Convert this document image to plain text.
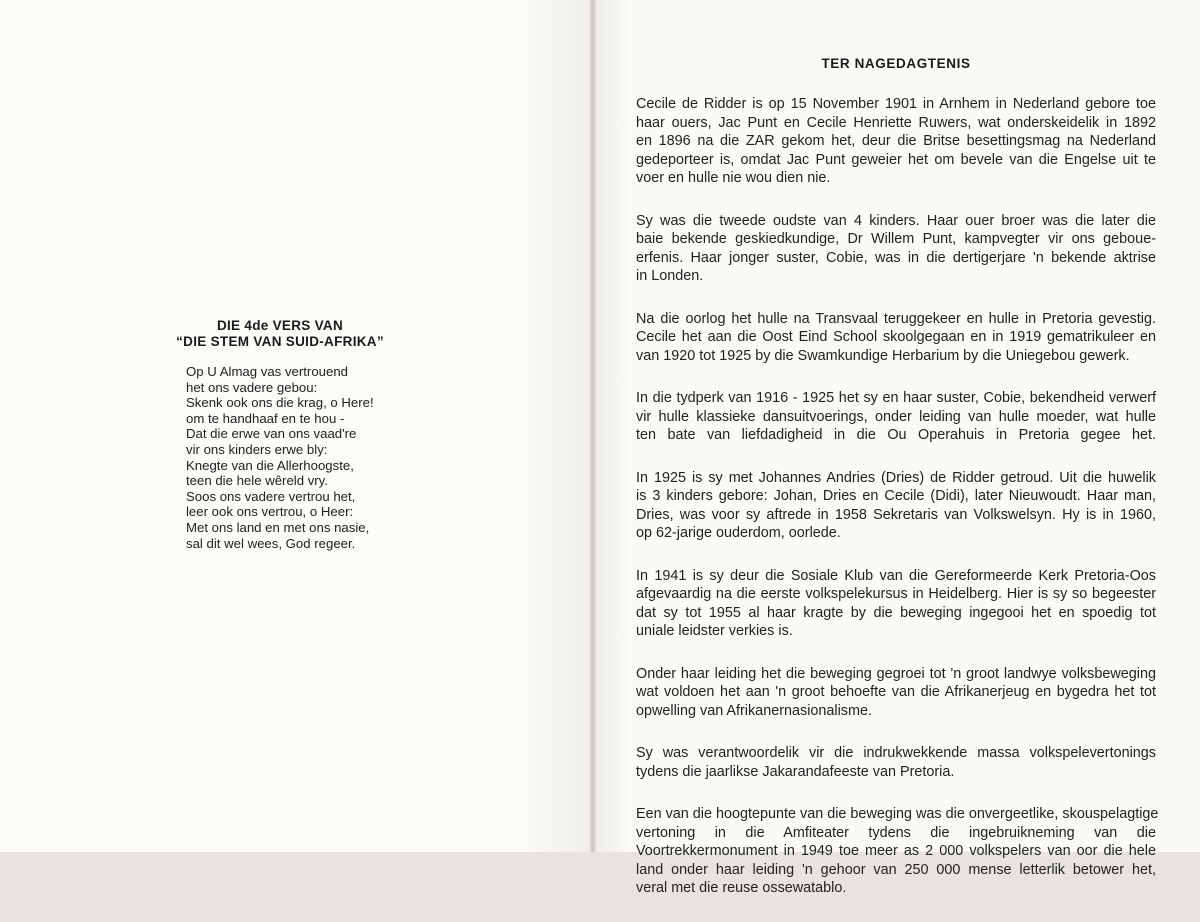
DIE 4de VERS VAN
“DIE STEM VAN SUID-AFRIKA”
Op U Almag vas vertrouend
het ons vadere gebou:
Skenk ook ons die krag, o Here!
om te handhaaf en te hou -
Dat die erwe van ons vaad're
vir ons kinders erwe bly:
Knegte van die Allerhoogste,
teen die hele wêreld vry.
Soos ons vadere vertrou het,
leer ook ons vertrou, o Heer:
Met ons land en met ons nasie,
sal dit wel wees, God regeer.
TER NAGEDAGTENIS
Cecile de Ridder is op 15 November 1901 in Arnhem in Nederland gebore toe
haar ouers, Jac Punt en Cecile Henriette Ruwers, wat onderskeidelik in 1892
en 1896 na die ZAR gekom het, deur die Britse besettingsmag na Nederland
gedeporteer is, omdat Jac Punt geweier het om bevele van die Engelse uit te
voer en hulle nie wou dien nie.
Sy was die tweede oudste van 4 kinders. Haar ouer broer was die later die
baie bekende geskiedkundige, Dr Willem Punt, kampvegter vir ons geboue-
erfenis. Haar jonger suster, Cobie, was in die dertigerjare 'n bekende aktrise
in Londen.
Na die oorlog het hulle na Transvaal teruggekeer en hulle in Pretoria gevestig.
Cecile het aan die Oost Eind School skoolgegaan en in 1919 gematrikuleer en
van 1920 tot 1925 by die Swamkundige Herbarium by die Uniegebou gewerk.
In die tydperk van 1916 - 1925 het sy en haar suster, Cobie, bekendheid verwerf
vir hulle klassieke dansuitvoerings, onder leiding van hulle moeder, wat hulle
ten bate van liefdadigheid in die Ou Operahuis in Pretoria gegee het.
In 1925 is sy met Johannes Andries (Dries) de Ridder getroud. Uit die huwelik
is 3 kinders gebore: Johan, Dries en Cecile (Didi), later Nieuwoudt. Haar man,
Dries, was voor sy aftrede in 1958 Sekretaris van Volkswelsyn. Hy is in 1960,
op 62-jarige ouderdom, oorlede.
In 1941 is sy deur die Sosiale Klub van die Gereformeerde Kerk Pretoria-Oos
afgevaardig na die eerste volkspelekursus in Heidelberg. Hier is sy so begeester
dat sy tot 1955 al haar kragte by die beweging ingegooi het en spoedig tot
uniale leidster verkies is.
Onder haar leiding het die beweging gegroei tot 'n groot landwye volksbeweging
wat voldoen het aan 'n groot behoefte van die Afrikanerjeug en bygedra het tot
opwelling van Afrikanernasionalisme.
Sy was verantwoordelik vir die indrukwekkende massa volkspelevertonings
tydens die jaarlikse Jakarandafeeste van Pretoria.
Een van die hoogtepunte van die beweging was die onvergeetlike, skouspelagtige
vertoning in die Amfiteater tydens die ingebruikneming van die
Voortrekkermonument in 1949 toe meer as 2 000 volkspelers van oor die hele
land onder haar leiding 'n gehoor van 250 000 mense letterlik betower het,
veral met die reuse ossewatablo.
